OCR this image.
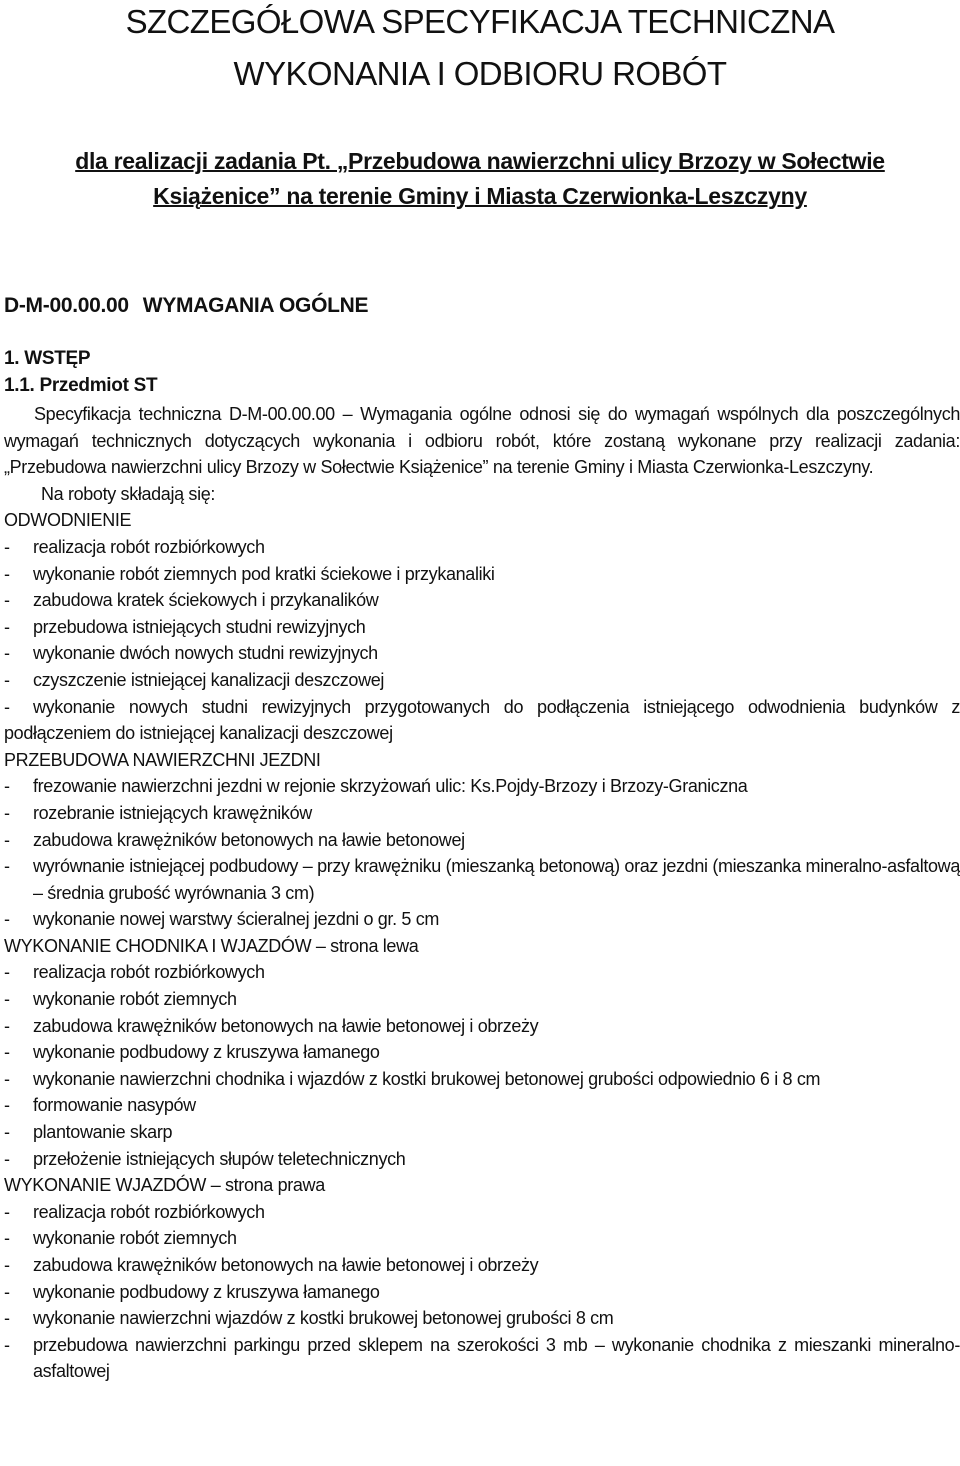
SZCZEGÓŁOWA SPECYFIKACJA TECHNICZNA
WYKONANIA I ODBIORU ROBÓT
dla realizacji zadania Pt. „Przebudowa nawierzchni ulicy Brzozy w Sołectwie
Książenice” na terenie Gminy i Miasta Czerwionka-Leszczyny
D-M-00.00.00 WYMAGANIA OGÓLNE
1. WSTĘP
1.1. Przedmiot ST

Specyfikacja techniczna D-M-00.00.00 – Wymagania ogólne odnosi się do wymagań wspólnych dla poszczególnych wymagań technicznych dotyczących wykonania i odbioru robót, które zostaną wykonane przy realizacji zadania: „Przebudowa nawierzchni ulicy Brzozy w Sołectwie Książenice” na terenie Gminy i Miasta Czerwionka-Leszczyny.

Na roboty składają się:

ODWODNIENIE

- realizacja robót rozbiórkowych

- wykonanie robót ziemnych pod kratki ściekowe i przykanaliki

- zabudowa kratek ściekowych i przykanalików

- przebudowa istniejących studni rewizyjnych

- wykonanie dwóch nowych studni rewizyjnych

- czyszczenie istniejącej kanalizacji deszczowej

- wykonanie nowych studni rewizyjnych przygotowanych do podłączenia istniejącego odwodnienia budynków z podłączeniem do istniejącej kanalizacji deszczowej

PRZEBUDOWA NAWIERZCHNI JEZDNI

- frezowanie nawierzchni jezdni w rejonie skrzyżowań ulic: Ks.Pojdy-Brzozy i Brzozy-Graniczna

- rozebranie istniejących krawężników

- zabudowa krawężników betonowych na ławie betonowej

- wyrównanie istniejącej podbudowy – przy krawężniku (mieszanką betonową) oraz jezdni (mieszanka mineralno-asfaltową – średnia grubość wyrównania 3 cm)

- wykonanie nowej warstwy ścieralnej jezdni o gr. 5 cm

WYKONANIE CHODNIKA I WJAZDÓW – strona lewa

- realizacja robót rozbiórkowych

- wykonanie robót ziemnych

- zabudowa krawężników betonowych na ławie betonowej i obrzeży

- wykonanie podbudowy z kruszywa łamanego

- wykonanie nawierzchni chodnika i wjazdów z kostki brukowej betonowej grubości odpowiednio 6 i 8 cm

- formowanie nasypów

- plantowanie skarp

- przełożenie istniejących słupów teletechnicznych

WYKONANIE WJAZDÓW – strona prawa

- realizacja robót rozbiórkowych

- wykonanie robót ziemnych

- zabudowa krawężników betonowych na ławie betonowej i obrzeży

- wykonanie podbudowy z kruszywa łamanego

- wykonanie nawierzchni wjazdów z kostki brukowej betonowej grubości 8 cm

- przebudowa nawierzchni parkingu przed sklepem na szerokości 3 mb – wykonanie chodnika z mieszanki mineralno-asfaltowej
